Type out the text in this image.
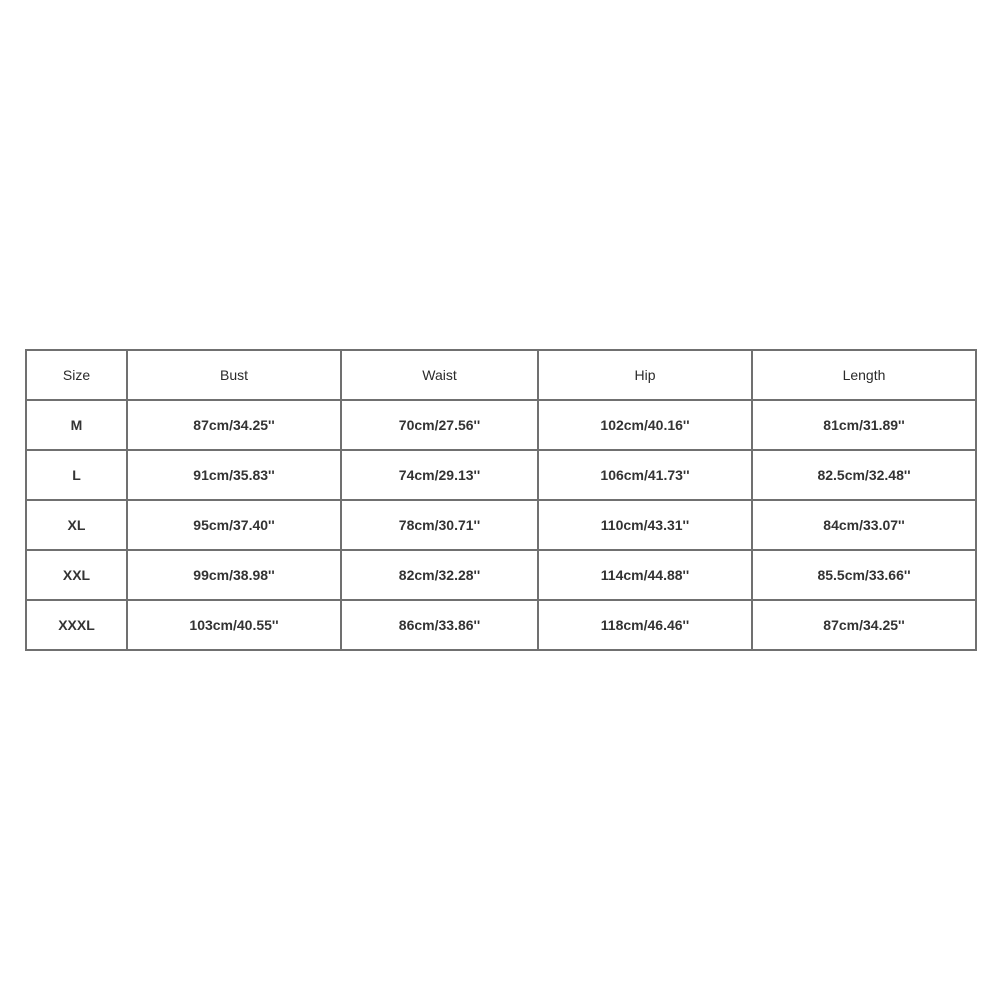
Size	Bust	Waist	Hip	Length
M	87cm/34.25''	70cm/27.56''	102cm/40.16''	81cm/31.89''
L	91cm/35.83''	74cm/29.13''	106cm/41.73''	82.5cm/32.48''
XL	95cm/37.40''	78cm/30.71''	110cm/43.31''	84cm/33.07''
XXL	99cm/38.98''	82cm/32.28''	114cm/44.88''	85.5cm/33.66''
XXXL	103cm/40.55''	86cm/33.86''	118cm/46.46''	87cm/34.25''
